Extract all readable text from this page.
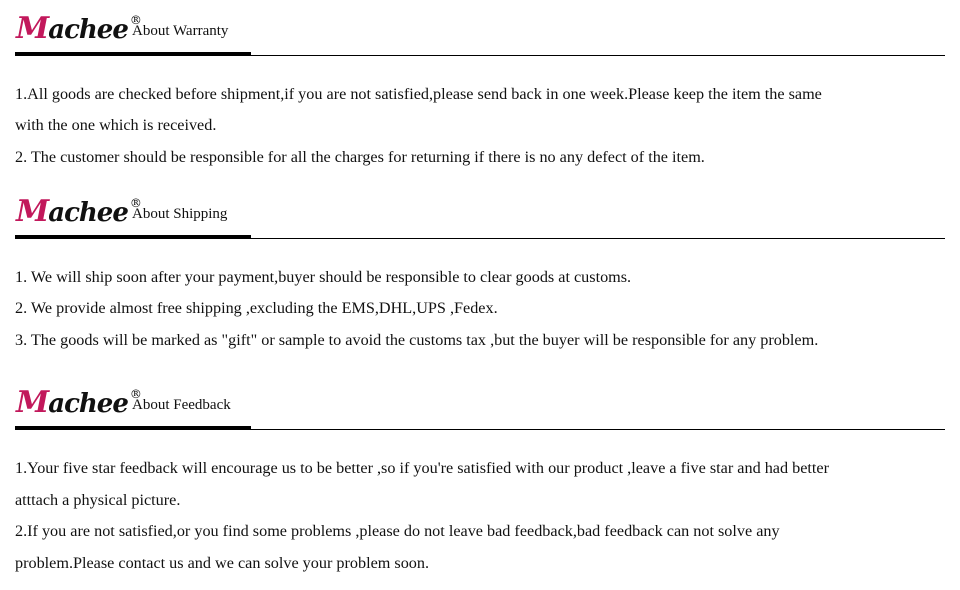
Machee ®
About Warranty
1.All goods are checked before shipment,if you are not satisfied,please send back in one week.Please keep the item the same
with the one which is received.
2. The customer should be responsible for all the charges for returning if there is no any defect of the item.
Machee ®
About Shipping
1. We will ship soon after your payment,buyer should be responsible to clear goods at customs.
2. We provide almost free shipping ,excluding the EMS,DHL,UPS ,Fedex.
3. The goods will be marked as "gift" or sample to avoid the customs tax ,but the buyer will be responsible for any problem.
Machee ®
About Feedback
1.Your five star feedback will encourage us to be better ,so if you're satisfied with our product ,leave a five star and had better
atttach a physical picture.
2.If you are not satisfied,or you find some problems ,please do not leave bad feedback,bad feedback can not solve any
problem.Please contact us and we can solve your problem soon.
